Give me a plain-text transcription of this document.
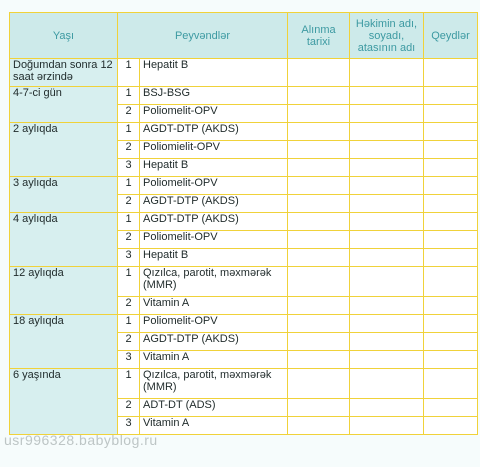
Yaşı	Peyvəndlər		Alınma tarixi	Həkimin adı, soyadı, atasının adı	Qeydlər
Doğumdan sonra 12 saat ərzində	1	Hepatit B			
4-7-ci gün	1	BSJ-BSG			
	2	Poliomelit-OPV			
2 aylıqda	1	AGDT-DTP (AKDS)			
	2	Poliomielit-OPV			
	3	Hepatit B			
3 aylıqda	1	Poliomelit-OPV			
	2	AGDT-DTP (AKDS)			
4 aylıqda	1	AGDT-DTP (AKDS)			
	2	Poliomelit-OPV			
	3	Hepatit B			
12 aylıqda	1	Qızılca, parotit, məxmərək (MMR)			
	2	Vitamin A			
18 aylıqda	1	Poliomelit-OPV			
	2	AGDT-DTP (AKDS)			
	3	Vitamin A			
6 yaşında	1	Qızılca, parotit, məxmərək (MMR)			
	2	ADT-DT (ADS)			
	3	Vitamin A			
usr996328.babyblog.ru
